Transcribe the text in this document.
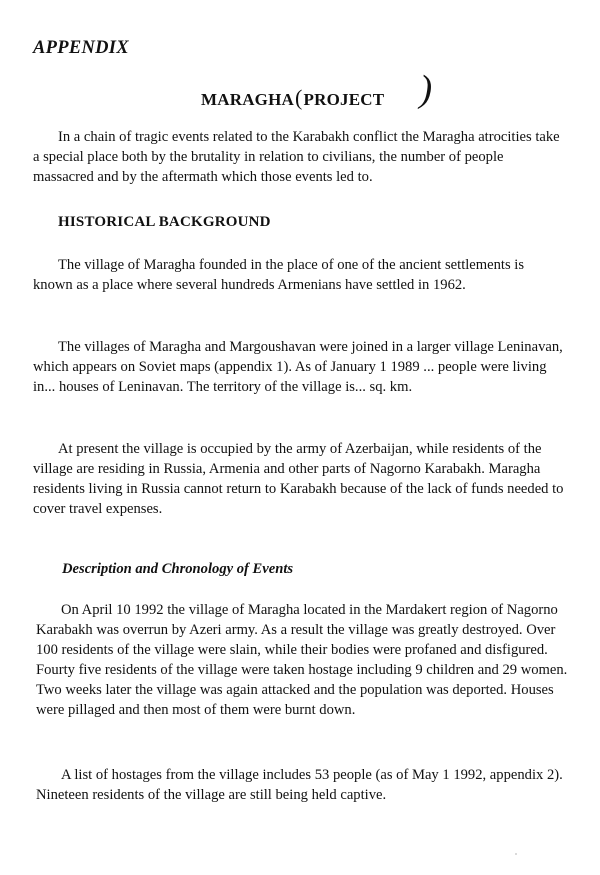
APPENDIX
MARAGHA(PROJECT )

In a chain of tragic events related to the Karabakh conflict the Maragha atrocities take a special place both by the brutality in relation to civilians, the number of people massacred and by the aftermath which those events led to.

HISTORICAL BACKGROUND

The village of Maragha founded in the place of one of the ancient settlements is known as a place where several hundreds Armenians have settled in 1962.

The villages of Maragha and Margoushavan were joined in a larger village Leninavan, which appears on Soviet maps (appendix 1). As of January 1 1989 ... people were living in... houses of Leninavan. The territory of the village is... sq. km.

At present the village is occupied by the army of Azerbaijan, while residents of the village are residing in Russia, Armenia and other parts of Nagorno Karabakh. Maragha residents living in Russia cannot return to Karabakh because of the lack of funds needed to cover travel expenses.

Description and Chronology of Events

On April 10 1992 the village of Maragha located in the Mardakert region of Nagorno Karabakh was overrun by Azeri army. As a result the village was greatly destroyed. Over 100 residents of the village were slain, while their bodies were profaned and disfigured. Fourty five residents of the village were taken hostage including 9 children and 29 women. Two weeks later the village was again attacked and the population was deported. Houses were pillaged and then most of them were burnt down.

A list of hostages from the village includes 53 people (as of May 1 1992, appendix 2). Nineteen residents of the village are still being held captive.
